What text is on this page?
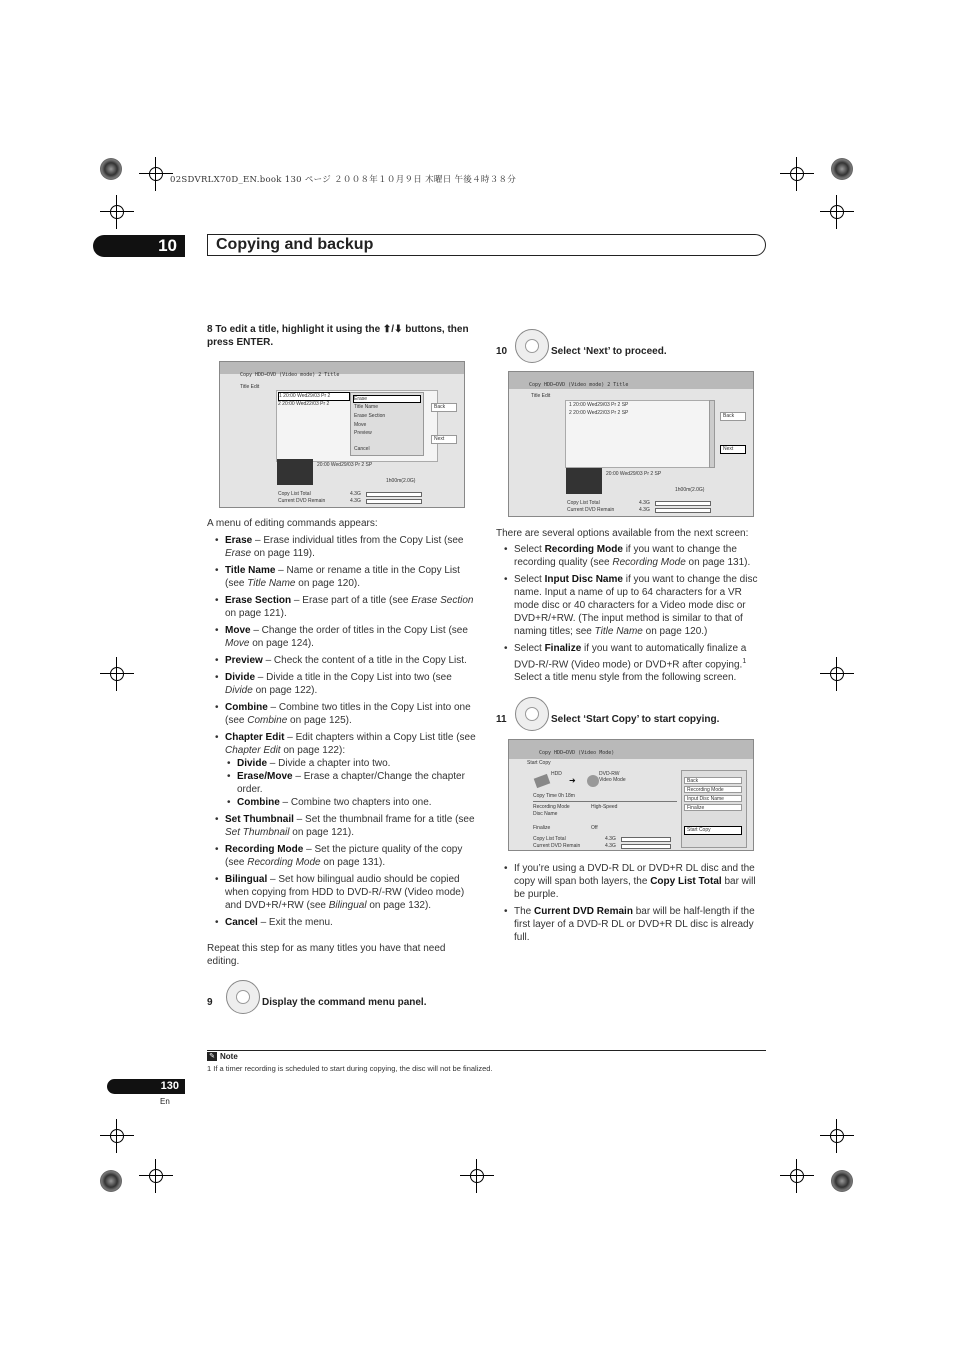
02SDVRLX70D_EN.book 130 ページ ２００８年１０月９日 木曜日 午後４時３８分
10	Copying and backup
8 To edit a title, highlight it using the ⬆/⬇ buttons, then press ENTER.
Copy HDD➡DVD (Video mode) 2 Title
Title Edit
1 20:00 Wed29/03 Pr 2
2 20:00 Wed22/03 Pr 2
Erase
Title Name
Erase Section
Move
Preview
Cancel
Back
Next
20:00 Wed29/03 Pr 2 SP
1h00m(2.0G)
Copy List Total	4.3G
Current DVD Remain	4.3G
A menu of editing commands appears:
• Erase – Erase individual titles from the Copy List (see Erase on page 119).
• Title Name – Name or rename a title in the Copy List (see Title Name on page 120).
• Erase Section – Erase part of a title (see Erase Section on page 121).
• Move – Change the order of titles in the Copy List (see Move on page 124).
• Preview – Check the content of a title in the Copy List.
• Divide – Divide a title in the Copy List into two (see Divide on page 122).
• Combine – Combine two titles in the Copy List into one (see Combine on page 125).
• Chapter Edit – Edit chapters within a Copy List title (see Chapter Edit on page 122):
• Divide – Divide a chapter into two.
• Erase/Move – Erase a chapter/Change the chapter order.
• Combine – Combine two chapters into one.
• Set Thumbnail – Set the thumbnail frame for a title (see Set Thumbnail on page 121).
• Recording Mode – Set the picture quality of the copy (see Recording Mode on page 131).
• Bilingual – Set how bilingual audio should be copied when copying from HDD to DVD-R/-RW (Video mode) and DVD+R/+RW (see Bilingual on page 132).
• Cancel – Exit the menu.
Repeat this step for as many titles you have that need editing.
9	Display the command menu panel.
10	Select ‘Next’ to proceed.
Copy HDD➡DVD (Video mode) 2 Title
Title Edit
1 20:00 Wed29/03 Pr 2 SP
2 20:00 Wed22/03 Pr 2 SP	Back
Next
20:00 Wed29/03 Pr 2 SP
1h00m(2.0G)
Copy List Total	4.3G
Current DVD Remain	4.3G
There are several options available from the next screen:
• Select Recording Mode if you want to change the recording quality (see Recording Mode on page 131).
• Select Input Disc Name if you want to change the disc name. Input a name of up to 64 characters for a VR mode disc or 40 characters for a Video mode disc or DVD+R/+RW. (The input method is similar to that of naming titles; see Title Name on page 120.)
• Select Finalize if you want to automatically finalize a DVD-R/-RW (Video mode) or DVD+R after copying.$^1$ Select a title menu style from the following screen.
11	Select ‘Start Copy’ to start copying.
Copy HDD➡DVD (Video Mode)
Start Copy
HDD
➜
DVD-RW
Video Mode
Copy Time 0h 18m
Recording Mode	High-Speed
Disc Name
Finalize	Off
Copy List Total	4.3G
Current DVD Remain	4.3G
Back
Recording Mode
Input Disc Name
Finalize
Start Copy
• If you’re using a DVD-R DL or DVD+R DL disc and the copy will span both layers, the Copy List Total bar will be purple.
• The Current DVD Remain bar will be half-length if the first layer of a DVD-R DL or DVD+R DL disc is already full.
✎ Note
1 If a timer recording is scheduled to start during copying, the disc will not be finalized.
130
En
